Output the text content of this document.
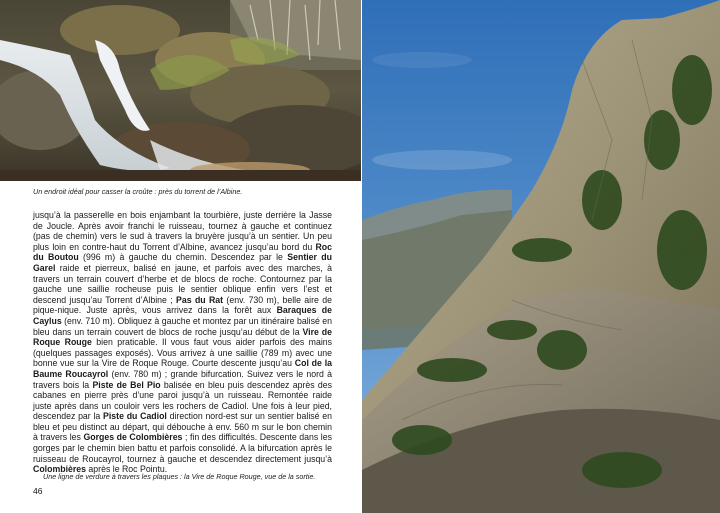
Un endroit idéal pour casser la croûte : près du torrent de l’Albine.
jusqu’à la passerelle en bois enjambant la tourbière, juste derrière la Jasse de Joucle. Après avoir franchi le ruisseau, tournez à gauche et continuez (pas de chemin) vers le sud à travers la bruyère jusqu’à un sentier. Un peu plus loin en contre-haut du Torrent d’Albine, avancez jusqu’au bord du Roc du Boutou (996 m) à gauche du chemin. Descendez par le Sentier du Garel raide et pierreux, balisé en jaune, et parfois avec des marches, à travers un terrain couvert d’herbe et de blocs de roche. Contournez par la gauche une saillie rocheuse puis le sentier oblique enfin vers l’est et descend jusqu’au Torrent d’Albine ; Pas du Rat (env. 730 m), belle aire de pique-nique. Juste après, vous arrivez dans la forêt aux Baraques de Caylus (env. 710 m). Obliquez à gauche et montez par un itinéraire balisé en bleu dans un terrain couvert de blocs de roche jusqu’au début de la Vire de Roque Rouge bien praticable. Il vous faut vous aider parfois des mains (quelques passages exposés). Vous arrivez à une saillie (789 m) avec une bonne vue sur la Vire de Roque Rouge. Courte descente jusqu’au Col de la Baume Roucayrol (env. 780 m) ; grande bifurcation. Suivez vers le nord à travers bois la Piste de Bel Pio balisée en bleu puis descendez après des cabanes en pierre près d’une paroi jusqu’à un ruisseau. Remontée raide juste après dans un couloir vers les rochers de Cadiol. Une fois à leur pied, descendez par la Piste du Cadiol direction nord-est sur un sentier balisé en bleu et peu distinct au départ, qui débouche à env. 560 m sur le bon chemin à travers les Gorges de Colombières ; fin des difficultés. Descente dans les gorges par le chemin bien battu et parfois consolidé. A la bifurcation après le ruisseau de Roucayrol, tournez à gauche et descendez directement jusqu’à Colombières après le Roc Pointu.
Une ligne de verdure à travers les plaques : la Vire de Roque Rouge, vue de la sortie.
46
